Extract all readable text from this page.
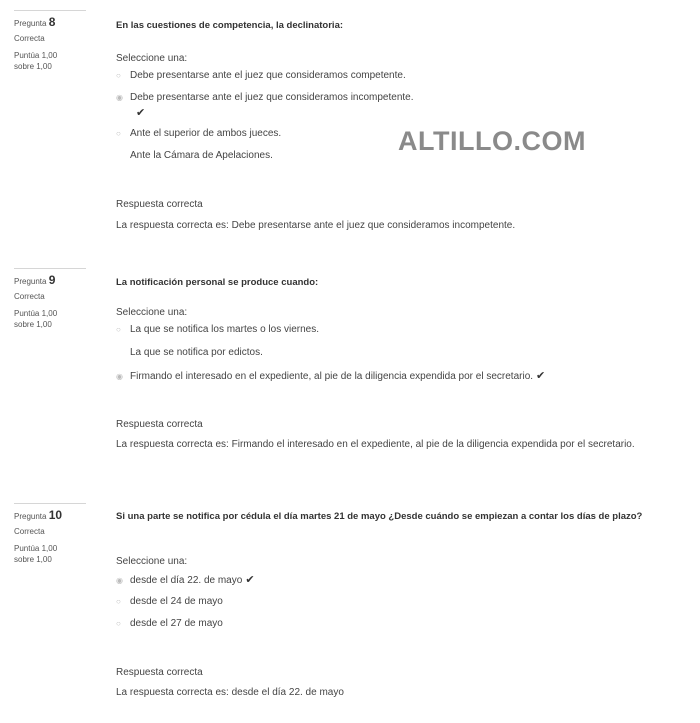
ALTILLO.COM
Pregunta 8
Correcta
Puntúa 1,00
sobre 1,00
En las cuestiones de competencia, la declinatoria:
Seleccione una:
○ Debe presentarse ante el juez que consideramos competente.
◉ Debe presentarse ante el juez que consideramos incompetente.
✔
○ Ante el superior de ambos jueces.
Ante la Cámara de Apelaciones.
Respuesta correcta
La respuesta correcta es: Debe presentarse ante el juez que consideramos incompetente.
Pregunta 9
Correcta
Puntúa 1,00
sobre 1,00
La notificación personal se produce cuando:
Seleccione una:
○ La que se notifica los martes o los viernes.
La que se notifica por edictos.
◉ Firmando el interesado en el expediente, al pie de la diligencia expendida por el secretario. ✔
Respuesta correcta
La respuesta correcta es: Firmando el interesado en el expediente, al pie de la diligencia expendida por el secretario.
Pregunta 10
Correcta
Puntúa 1,00
sobre 1,00
Si una parte se notifica por cédula el día martes 21 de mayo ¿Desde cuándo se empiezan a contar los días de plazo?
Seleccione una:
◉ desde el día 22. de mayo ✔
○ desde el 24 de mayo
○ desde el 27 de mayo
Respuesta correcta
La respuesta correcta es: desde el día 22. de mayo
